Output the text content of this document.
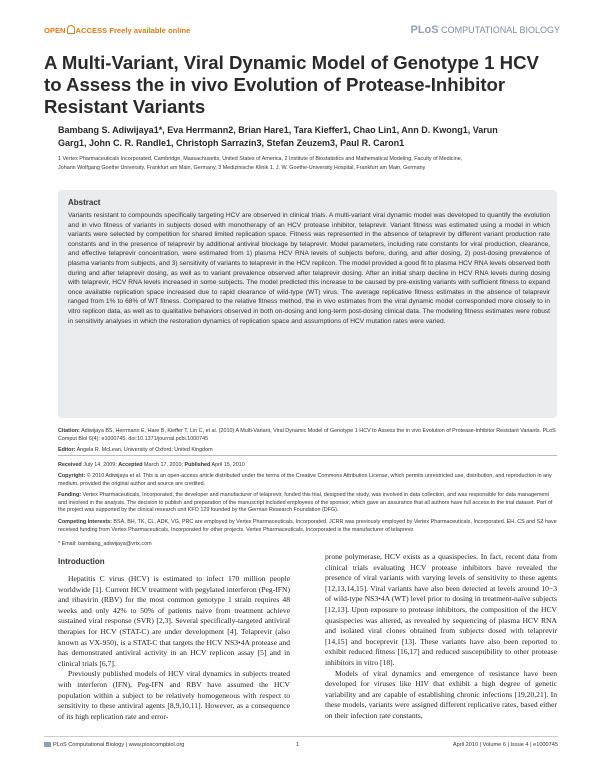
OPEN ACCESS Freely available online	PLoS COMPUTATIONAL BIOLOGY
A Multi-Variant, Viral Dynamic Model of Genotype 1 HCV
to Assess the in vivo Evolution of Protease-Inhibitor
Resistant Variants
Bambang S. Adiwijaya1*, Eva Herrmann2, Brian Hare1, Tara Kieffer1, Chao Lin1, Ann D. Kwong1, Varun
Garg1, John C. R. Randle1, Christoph Sarrazin3, Stefan Zeuzem3, Paul R. Caron1
1 Vertex Pharmaceuticals Incorporated, Cambridge, Massachusetts, United States of America, 2 Institute of Biostatistics and Mathematical Modeling, Faculty of Medicine,
Johann Wolfgang Goethe University, Frankfurt am Main, Germany, 3 Medizinische Klinik 1, J. W. Goethe-University Hospital, Frankfurt am Main, Germany
Abstract

Variants resistant to compounds specifically targeting HCV are observed in clinical trials. A multi-variant viral dynamic model was developed to quantify the evolution and in vivo fitness of variants in subjects dosed with monotherapy of an HCV protease inhibitor, telaprevir. Variant fitness was estimated using a model in which variants were selected by competition for shared limited replication space. Fitness was represented in the absence of telaprevir by different variant production rate constants and in the presence of telaprevir by additional antiviral blockage by telaprevir. Model parameters, including rate constants for viral production, clearance, and effective telaprevir concentration, were estimated from 1) plasma HCV RNA levels of subjects before, during, and after dosing, 2) post-dosing prevalence of plasma variants from subjects, and 3) sensitivity of variants to telaprevir in the HCV replicon. The model provided a good fit to plasma HCV RNA levels observed both during and after telaprevir dosing, as well as to variant prevalence observed after telaprevir dosing. After an initial sharp decline in HCV RNA levels during dosing with telaprevir, HCV RNA levels increased in some subjects. The model predicted this increase to be caused by pre-existing variants with sufficient fitness to expand once available replication space increased due to rapid clearance of wild-type (WT) virus. The average replicative fitness estimates in the absence of telaprevir ranged from 1% to 68% of WT fitness. Compared to the relative fitness method, the in vivo estimates from the viral dynamic model corresponded more closely to in vitro replicon data, as well as to qualitative behaviors observed in both on-dosing and long-term post-dosing clinical data. The modeling fitness estimates were robust in sensitivity analyses in which the restoration dynamics of replication space and assumptions of HCV mutation rates were varied.

Citation: Adiwijaya BS, Herrmann E, Hare B, Kieffer T, Lin C, et al. (2010) A Multi-Variant, Viral Dynamic Model of Genotype 1 HCV to Assess the in vivo Evolution of Protease-Inhibitor Resistant Variants. PLoS Comput Biol 6(4): e1000745. doi:10.1371/journal.pcbi.1000745
Editor: Angela R. McLean, University of Oxford, United Kingdom
Received July 14, 2009; Accepted March 17, 2010; Published April 15, 2010
Copyright: © 2010 Adiwijaya et al. This is an open-access article distributed under the terms of the Creative Commons Attribution License, which permits unrestricted use, distribution, and reproduction in any medium, provided the original author and source are credited.
Funding: Vertex Pharmaceuticals, Incorporated, the developer and manufacturer of telaprevir, funded this trial, designed the study, was involved in data collection, and was responsible for data management and involved in the analysis. The decision to publish and preparation of the manuscript included employees of the sponsor, which gave an assurance that all authors have full access to the trial dataset. Part of the project was supported by the clinical research unit KFO 129 founded by the German Research Foundation (DFG).
Competing Interests: BSA, BH, TK, CL, ADK, VG, PRC are employed by Vertex Pharmaceuticals, Incorporated. JCRR was previously employed by Vertex Pharmaceuticals, Incorporated. EH, CS and SZ have received funding from Vertex Pharmaceuticals, Incorporated for other projects. Vertex Pharmaceuticals, Incorporated is the manufacturer of telaprevir.
* Email: bambang_adiwijaya@vrtx.com
Introduction

Hepatitis C virus (HCV) is estimated to infect 170 million people worldwide [1]. Current HCV treatment with pegylated interferon (Peg-IFN) and ribavirin (RBV) for the most common genotype 1 strain requires 48 weeks and only 42% to 50% of patients naive from treatment achieve sustained viral response (SVR) [2,3]. Several specifically-targeted antiviral therapies for HCV (STAT-C) are under development [4]. Telaprevir (also known as VX-950), is a STAT-C that targets the HCV NS3•4A protease and has demonstrated antiviral activity in an HCV replicon assay [5] and in clinical trials [6,7].

Previously published models of HCV viral dynamics in subjects treated with interferon (IFN), Peg-IFN and RBV have assumed the HCV population within a subject to be relatively homogeneous with respect to sensitivity to these antiviral agents [8,9,10,11]. However, as a consequence of its high replication rate and error-

prone polymerase, HCV exists as a quasispecies. In fact, recent data from clinical trials evaluating HCV protease inhibitors have revealed the presence of viral variants with varying levels of sensitivity to these agents [12,13,14,15]. Viral variants have also been detected at levels around 10−3 of wild-type NS3•4A (WT) level prior to dosing in treatment-naïve subjects [12,13]. Upon exposure to protease inhibitors, the composition of the HCV quasispecies was altered, as revealed by sequencing of plasma HCV RNA and isolated viral clones obtained from subjects dosed with telaprevir [14,15] and boceprevir [13]. These variants have also been reported to exhibit reduced fitness [16,17] and reduced susceptibility to other protease inhibitors in vitro [18].

Models of viral dynamics and emergence of resistance have been developed for viruses like HIV that exhibit a high degree of genetic variability and are capable of establishing chronic infections [19,20,21]. In these models, variants were assigned different replicative rates, based either on their infection rate constants,

PLoS Computational Biology | www.ploscompbiol.org	1	April 2010 | Volume 6 | Issue 4 | e1000745
